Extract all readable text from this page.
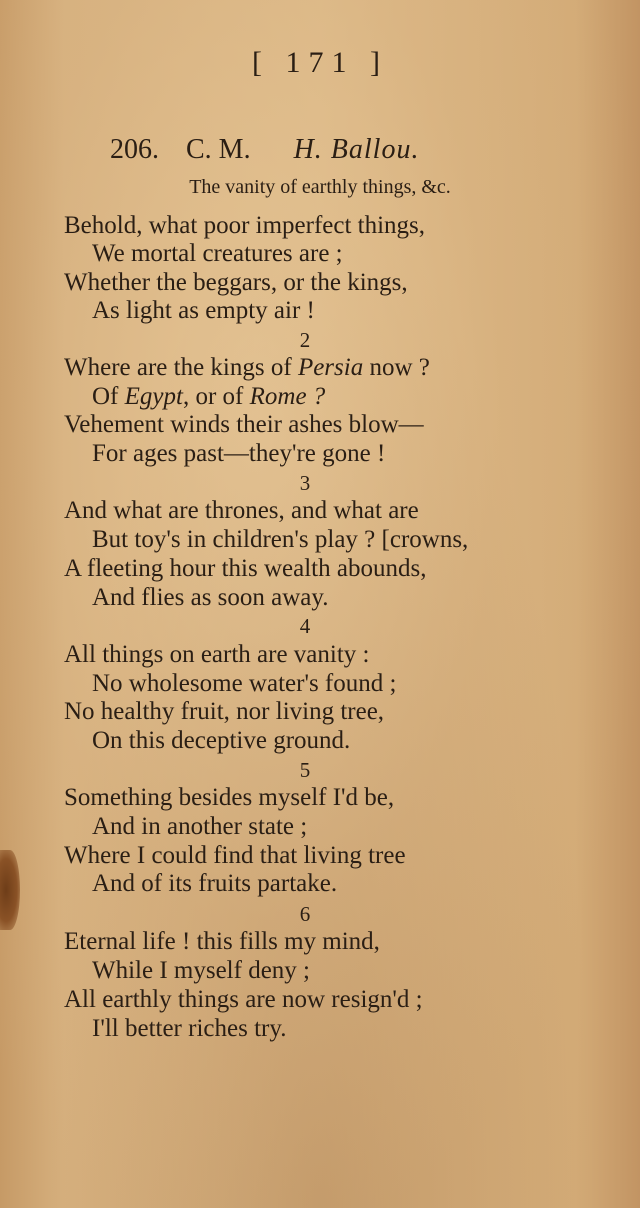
[ 171 ]
206. C. M. H. Ballou.
The vanity of earthly things, &c.
Behold, what poor imperfect things,
We mortal creatures are ;
Whether the beggars, or the kings,
As light as empty air !
2
Where are the kings of Persia now ?
Of Egypt, or of Rome ?
Vehement winds their ashes blow—
For ages past—they're gone !
3
And what are thrones, and what are
But toy's in children's play ? [crowns,
A fleeting hour this wealth abounds,
And flies as soon away.
4
All things on earth are vanity :
No wholesome water's found ;
No healthy fruit, nor living tree,
On this deceptive ground.
5
Something besides myself I'd be,
And in another state ;
Where I could find that living tree
And of its fruits partake.
6
Eternal life ! this fills my mind,
While I myself deny ;
All earthly things are now resign'd ;
I'll better riches try.
